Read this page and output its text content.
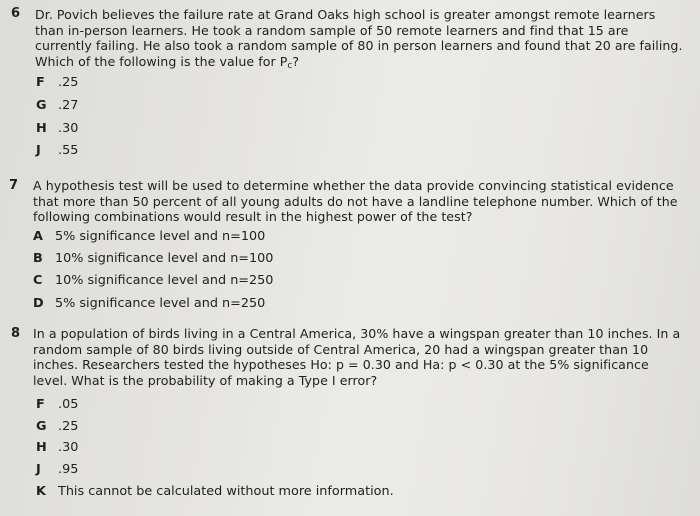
6 Dr. Povich believes the failure rate at Grand Oaks high school is greater amongst remote learners than in-person learners. He took a random sample of 50 remote learners and find that 15 are currently failing. He also took a random sample of 80 in person learners and found that 20 are failing. Which of the following is the value for $P_c$?
F .25
G .27
H .30
J .55
7 A hypothesis test will be used to determine whether the data provide convincing statistical evidence that more than 50 percent of all young adults do not have a landline telephone number. Which of the following combinations would result in the highest power of the test?
A 5% significance level and n=100
B 10% significance level and n=100
C 10% significance level and n=250
D 5% significance level and n=250
8 In a population of birds living in a Central America, 30% have a wingspan greater than 10 inches. In a random sample of 80 birds living outside of Central America, 20 had a wingspan greater than 10 inches. Researchers tested the hypotheses Ho: p = 0.30 and Ha: p < 0.30 at the 5% significance level. What is the probability of making a Type I error?
F .05
G .25
H .30
J .95
K This cannot be calculated without more information.
